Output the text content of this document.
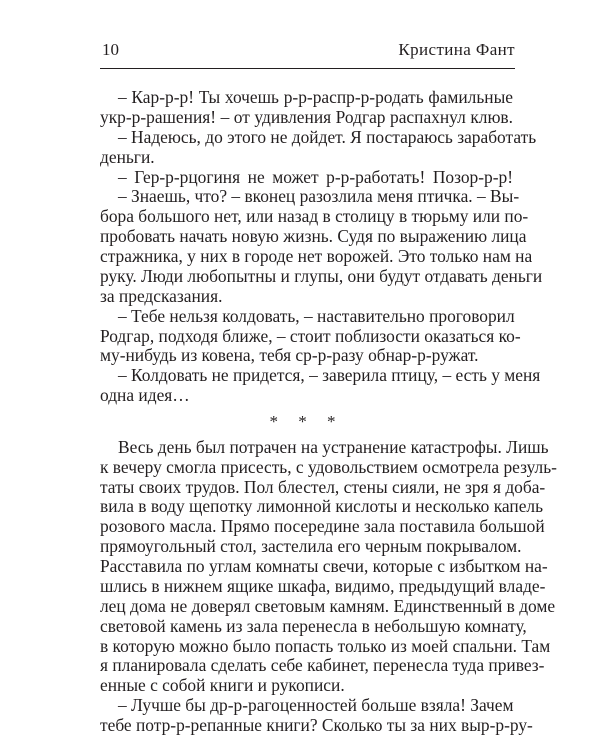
10	Кристина Фант
– Кар-р-р! Ты хочешь р-р-распр-р-родать фамильные
укр-р-рашения! – от удивления Родгар распахнул клюв.
– Надеюсь, до этого не дойдет. Я постараюсь заработать
деньги.
– Гер-р-рцогиня не может р-р-работать! Позор-р-р!
– Знаешь, что? – вконец разозлила меня птичка. – Вы-
бора большого нет, или назад в столицу в тюрьму или по-
пробовать начать новую жизнь. Судя по выражению лица
стражника, у них в городе нет ворожей. Это только нам на
руку. Люди любопытны и глупы, они будут отдавать деньги
за предсказания.
– Тебе нельзя колдовать, – наставительно проговорил
Родгар, подходя ближе, – стоит поблизости оказаться ко-
му-нибудь из ковена, тебя ср-р-разу обнар-р-ружат.
– Колдовать не придется, – заверила птицу, – есть у меня
одна идея…
* * *
Весь день был потрачен на устранение катастрофы. Лишь
к вечеру смогла присесть, с удовольствием осмотрела резуль-
таты своих трудов. Пол блестел, стены сияли, не зря я доба-
вила в воду щепотку лимонной кислоты и несколько капель
розового масла. Прямо посередине зала поставила большой
прямоугольный стол, застелила его черным покрывалом.
Расставила по углам комнаты свечи, которые с избытком на-
шлись в нижнем ящике шкафа, видимо, предыдущий владе-
лец дома не доверял световым камням. Единственный в доме
световой камень из зала перенесла в небольшую комнату,
в которую можно было попасть только из моей спальни. Там
я планировала сделать себе кабинет, перенесла туда привез-
енные с собой книги и рукописи.
– Лучше бы др-р-рагоценностей больше взяла! Зачем
тебе потр-р-репанные книги? Сколько ты за них выр-р-ру-
